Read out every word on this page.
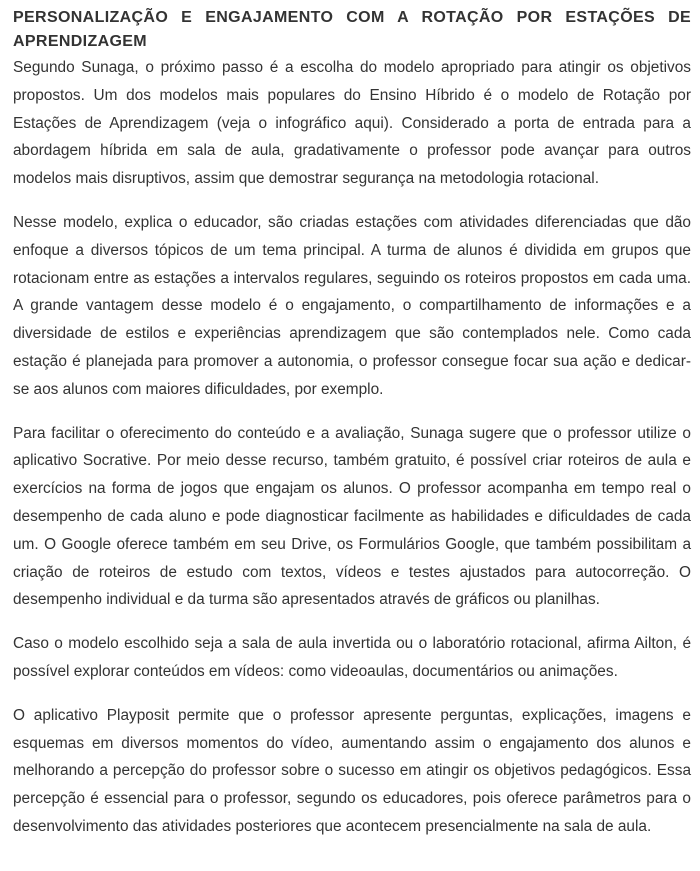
PERSONALIZAÇÃO E ENGAJAMENTO COM A ROTAÇÃO POR ESTAÇÕES DE APRENDIZAGEM

Segundo Sunaga, o próximo passo é a escolha do modelo apropriado para atingir os objetivos propostos. Um dos modelos mais populares do Ensino Híbrido é o modelo de Rotação por Estações de Aprendizagem (veja o infográfico aqui). Considerado a porta de entrada para a abordagem híbrida em sala de aula, gradativamente o professor pode avançar para outros modelos mais disruptivos, assim que demostrar segurança na metodologia rotacional.

Nesse modelo, explica o educador, são criadas estações com atividades diferenciadas que dão enfoque a diversos tópicos de um tema principal. A turma de alunos é dividida em grupos que rotacionam entre as estações a intervalos regulares, seguindo os roteiros propostos em cada uma. A grande vantagem desse modelo é o engajamento, o compartilhamento de informações e a diversidade de estilos e experiências aprendizagem que são contemplados nele. Como cada estação é planejada para promover a autonomia, o professor consegue focar sua ação e dedicar-se aos alunos com maiores dificuldades, por exemplo.

Para facilitar o oferecimento do conteúdo e a avaliação, Sunaga sugere que o professor utilize o aplicativo Socrative. Por meio desse recurso, também gratuito, é possível criar roteiros de aula e exercícios na forma de jogos que engajam os alunos. O professor acompanha em tempo real o desempenho de cada aluno e pode diagnosticar facilmente as habilidades e dificuldades de cada um. O Google oferece também em seu Drive, os Formulários Google, que também possibilitam a criação de roteiros de estudo com textos, vídeos e testes ajustados para autocorreção. O desempenho individual e da turma são apresentados através de gráficos ou planilhas.

Caso o modelo escolhido seja a sala de aula invertida ou o laboratório rotacional, afirma Ailton, é possível explorar conteúdos em vídeos: como videoaulas, documentários ou animações.

O aplicativo Playposit permite que o professor apresente perguntas, explicações, imagens e esquemas em diversos momentos do vídeo, aumentando assim o engajamento dos alunos e melhorando a percepção do professor sobre o sucesso em atingir os objetivos pedagógicos. Essa percepção é essencial para o professor, segundo os educadores, pois oferece parâmetros para o desenvolvimento das atividades posteriores que acontecem presencialmente na sala de aula.
